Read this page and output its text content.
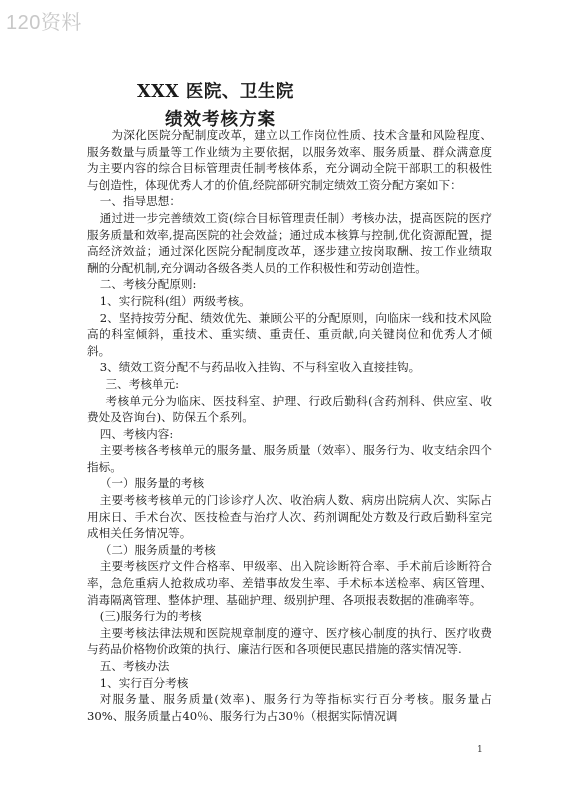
120资料
XXX 医院、卫生院
绩效考核方案

为深化医院分配制度改革，建立以工作岗位性质、技术含量和风险程度、服务数量与质量等工作业绩为主要依据，以服务效率、服务质量、群众满意度为主要内容的综合目标管理责任制考核体系，充分调动全院干部职工的积极性与创造性，体现优秀人才的价值,经院部研究制定绩效工资分配方案如下：

一、指导思想：

通过进一步完善绩效工资(综合目标管理责任制）考核办法，提高医院的医疗服务质量和效率,提高医院的社会效益；通过成本核算与控制,优化资源配置，提高经济效益；通过深化医院分配制度改革，逐步建立按岗取酬、按工作业绩取酬的分配机制,充分调动各级各类人员的工作积极性和劳动创造性。

二、考核分配原则:

1、实行院科(组）两级考核。

2、坚持按劳分配、绩效优先、兼顾公平的分配原则，向临床一线和技术风险高的科室倾斜，重技术、重实绩、重责任、重贡献,向关键岗位和优秀人才倾斜。

3、绩效工资分配不与药品收入挂钩、不与科室收入直接挂钩。

三、考核单元:

考核单元分为临床、医技科室、护理、行政后勤科(含药剂科、供应室、收费处及咨询台)、防保五个系列。

四、考核内容:

主要考核各考核单元的服务量、服务质量（效率）、服务行为、收支结余四个指标。

（一）服务量的考核

主要考核考核单元的门诊诊疗人次、收治病人数、病房出院病人次、实际占用床日、手术台次、医技检查与治疗人次、药剂调配处方数及行政后勤科室完成相关任务情况等。

（二）服务质量的考核

主要考核医疗文件合格率、甲级率、出入院诊断符合率、手术前后诊断符合率，急危重病人抢救成功率、差错事故发生率、手术标本送检率、病区管理、消毒隔离管理、整体护理、基础护理、级别护理、各项报表数据的准确率等。

(三)服务行为的考核

主要考核法律法规和医院规章制度的遵守、医疗核心制度的执行、医疗收费与药品价格物价政策的执行、廉洁行医和各项便民惠民措施的落实情况等.

五、考核办法

1、实行百分考核

对服务量、服务质量(效率)、服务行为等指标实行百分考核。服务量占30%、服务质量占40％、服务行为占30％（根据实际情况调

1
